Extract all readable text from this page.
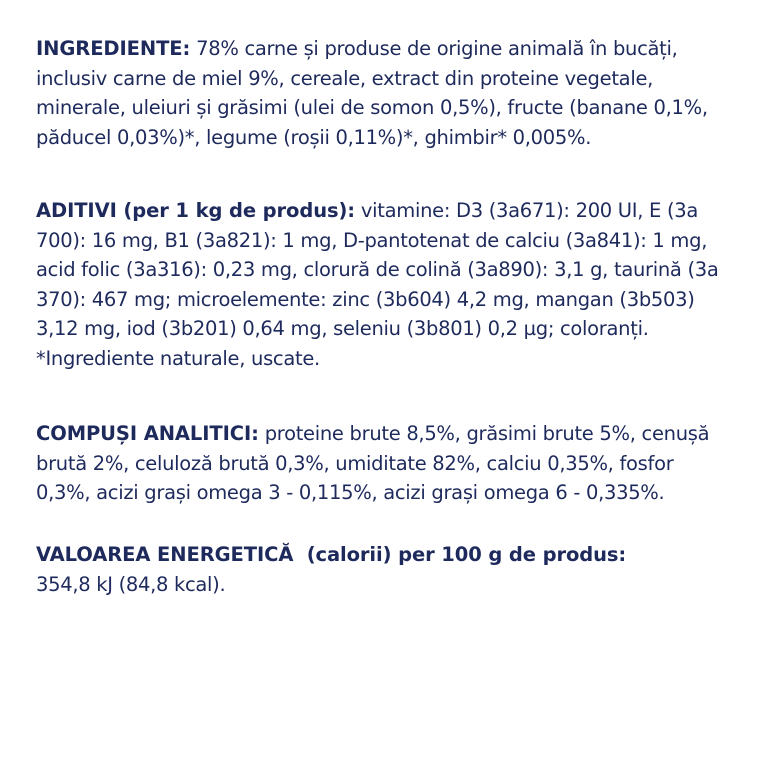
INGREDIENTE: 78% carne și produse de origine animală în bucăți,
inclusiv carne de miel 9%, cereale, extract din proteine vegetale,
minerale, uleiuri și grăsimi (ulei de somon 0,5%), fructe (banane 0,1%,
păducel 0,03%)*, legume (roșii 0,11%)*, ghimbir* 0,005%.
ADITIVI (per 1 kg de produs): vitamine: D3 (3a671): 200 UI, E (3a
700): 16 mg, B1 (3a821): 1 mg, D-pantotenat de calciu (3a841): 1 mg,
acid folic (3a316): 0,23 mg, clorură de colină (3a890): 3,1 g, taurină (3a
370): 467 mg; microelemente: zinc (3b604) 4,2 mg, mangan (3b503)
3,12 mg, iod (3b201) 0,64 mg, seleniu (3b801) 0,2 µg; coloranți.
*Ingrediente naturale, uscate.
COMPUȘI ANALITICI: proteine brute 8,5%, grăsimi brute 5%, cenușă
brută 2%, celuloză brută 0,3%, umiditate 82%, calciu 0,35%, fosfor
0,3%, acizi grași omega 3 - 0,115%, acizi grași omega 6 - 0,335%.
VALOAREA ENERGETICĂ  (calorii) per 100 g de produs:
354,8 kJ (84,8 kcal).
